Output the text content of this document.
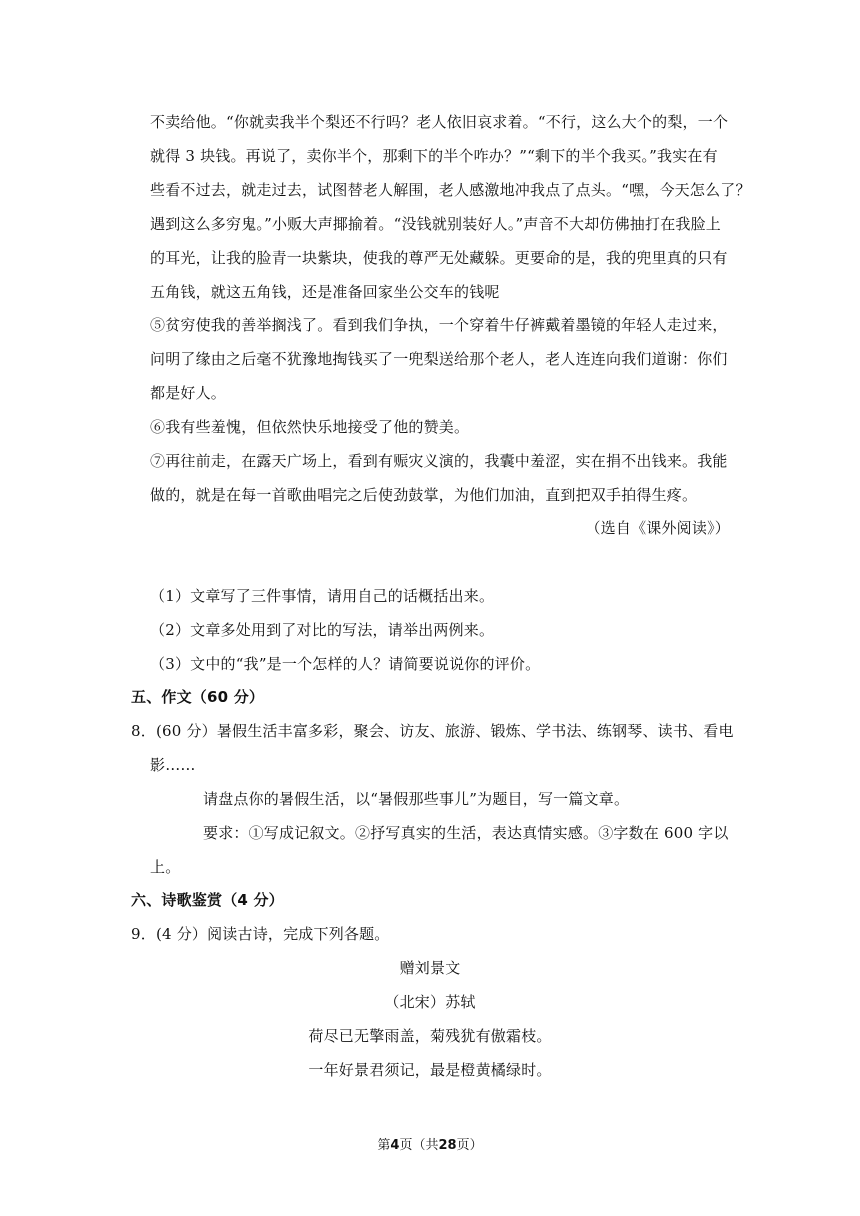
不卖给他。“你就卖我半个梨还不行吗？老人依旧哀求着。“不行，这么大个的梨，一个
就得 3 块钱。再说了，卖你半个，那剩下的半个咋办？”“剩下的半个我买。”我实在有
些看不过去，就走过去，试图替老人解围，老人感激地冲我点了点头。“嘿，今天怎么了？
遇到这么多穷鬼。”小贩大声揶揄着。“没钱就别装好人。”声音不大却仿佛抽打在我脸上
的耳光，让我的脸青一块紫块，使我的尊严无处藏躲。更要命的是，我的兜里真的只有
五角钱，就这五角钱，还是准备回家坐公交车的钱呢
⑤贫穷使我的善举搁浅了。看到我们争执，一个穿着牛仔裤戴着墨镜的年轻人走过来，
问明了缘由之后毫不犹豫地掏钱买了一兜梨送给那个老人，老人连连向我们道谢：你们
都是好人。
⑥我有些羞愧，但依然快乐地接受了他的赞美。
⑦再往前走，在露天广场上，看到有赈灾义演的，我囊中羞涩，实在捐不出钱来。我能
做的，就是在每一首歌曲唱完之后使劲鼓掌，为他们加油，直到把双手拍得生疼。
（选自《课外阅读》）
（1）文章写了三件事情，请用自己的话概括出来。
（2）文章多处用到了对比的写法，请举出两例来。
（3）文中的“我”是一个怎样的人？请简要说说你的评价。
五、作文（60 分）
8．(60 分）暑假生活丰富多彩，聚会、访友、旅游、锻炼、学书法、练钢琴、读书、看电
影……
请盘点你的暑假生活，以“暑假那些事儿”为题目，写一篇文章。
要求：①写成记叙文。②抒写真实的生活，表达真情实感。③字数在 600 字以
上。
六、诗歌鉴赏（4 分）
9．(4 分）阅读古诗，完成下列各题。
赠刘景文
（北宋）苏轼
荷尽已无擎雨盖，菊残犹有傲霜枝。
一年好景君须记，最是橙黄橘绿时。
第4页（共28页）
